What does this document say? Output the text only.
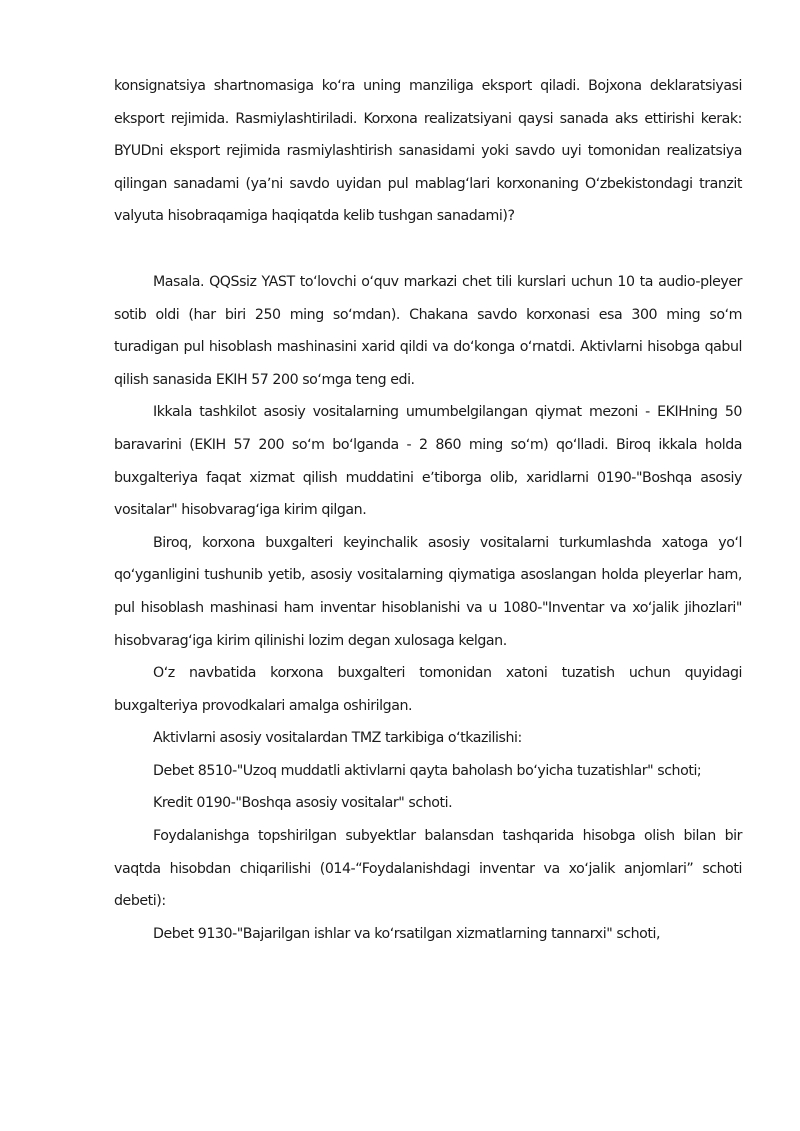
konsignatsiya shartnomasiga koʻra uning manziliga eksport qiladi. Bojxona deklaratsiyasi eksport rejimida. Rasmiylashtiriladi. Korxona realizatsiyani qaysi sanada aks ettirishi kerak: BYUDni eksport rejimida rasmiylashtirish sanasidami yoki savdo uyi tomonidan realizatsiya qilingan sanadami (yaʼni savdo uyidan pul mablagʻlari korxonaning Oʻzbekistondagi tranzit valyuta hisobraqamiga haqiqatda kelib tushgan sanadami)?

Masala. QQSsiz YAST toʻlovchi oʻquv markazi chet tili kurslari uchun 10 ta audio-pleyer sotib oldi (har biri 250 ming soʻmdan). Chakana savdo korxonasi esa 300 ming soʻm turadigan pul hisoblash mashinasini xarid qildi va doʻkonga oʻrnatdi. Aktivlarni hisobga qabul qilish sanasida EKIH 57 200 soʻmga teng edi.

Ikkala tashkilot asosiy vositalarning umumbelgilangan qiymat mezoni - EKIHning 50 baravarini (EKIH 57 200 soʻm boʻlganda - 2 860 ming soʻm) qoʻlladi. Biroq ikkala holda buxgalteriya faqat xizmat qilish muddatini eʼtiborga olib, xaridlarni 0190-"Boshqa asosiy vositalar" hisobvaragʻiga kirim qilgan.

Biroq, korxona buxgalteri keyinchalik asosiy vositalarni turkumlashda xatoga yoʻl qoʻyganligini tushunib yetib, asosiy vositalarning qiymatiga asoslangan holda pleyerlar ham, pul hisoblash mashinasi ham inventar hisoblanishi va u 1080-"Inventar va xoʻjalik jihozlari" hisobvaragʻiga kirim qilinishi lozim degan xulosaga kelgan.

Oʻz navbatida korxona buxgalteri tomonidan xatoni tuzatish uchun quyidagi buxgalteriya provodkalari amalga oshirilgan.

Aktivlarni asosiy vositalardan TMZ tarkibiga oʻtkazilishi:

Debet 8510-"Uzoq muddatli aktivlarni qayta baholash boʻyicha tuzatishlar" schoti;

Kredit 0190-"Boshqa asosiy vositalar" schoti.

Foydalanishga topshirilgan subyektlar balansdan tashqarida hisobga olish bilan bir vaqtda hisobdan chiqarilishi (014-“Foydalanishdagi inventar va xoʻjalik anjomlari” schoti debeti):

Debet 9130-"Bajarilgan ishlar va koʻrsatilgan xizmatlarning tannarxi" schoti,
